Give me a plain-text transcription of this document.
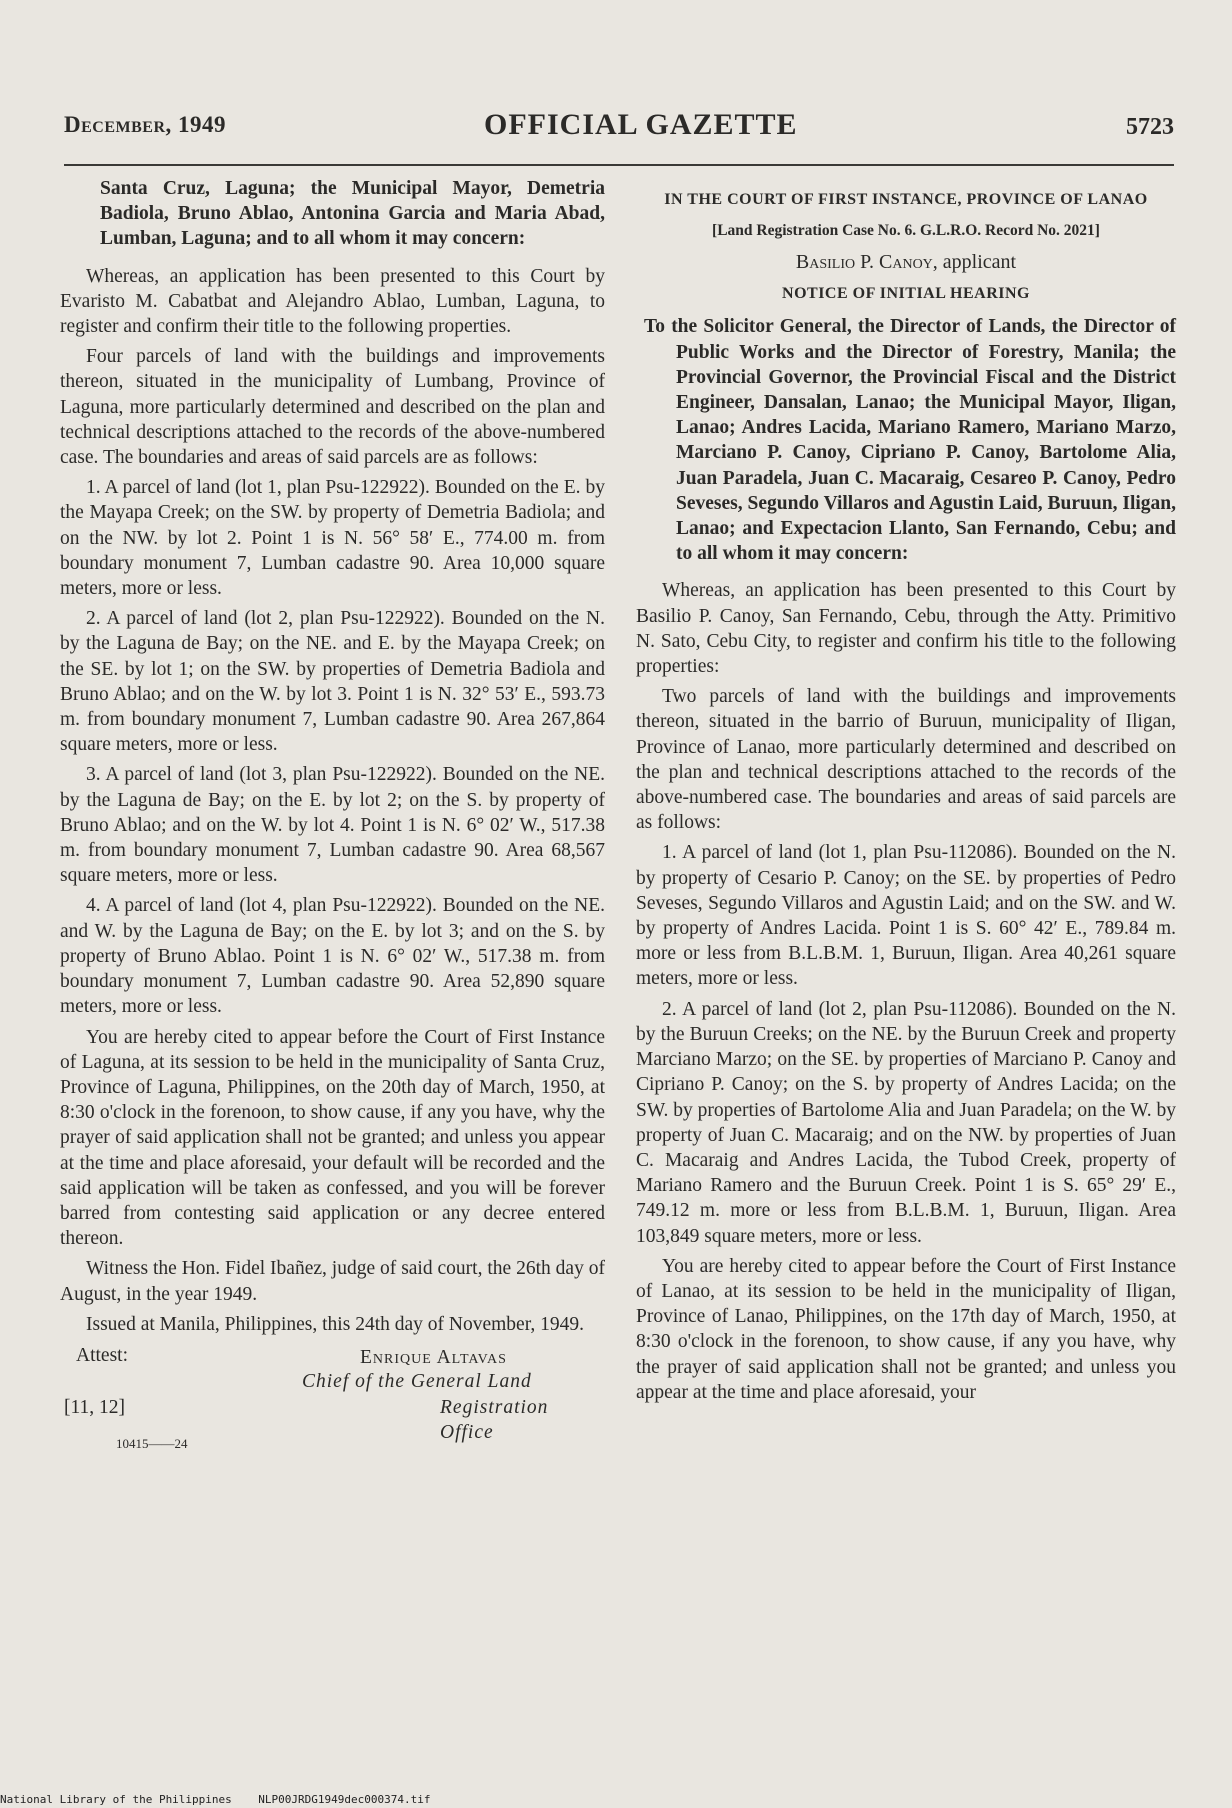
December, 1949	OFFICIAL GAZETTE	5723

Santa Cruz, Laguna; the Municipal Mayor, Demetria Badiola, Bruno Ablao, Antonina Garcia and Maria Abad, Lumban, Laguna; and to all whom it may concern:

Whereas, an application has been presented to this Court by Evaristo M. Cabatbat and Alejandro Ablao, Lumban, Laguna, to register and confirm their title to the following properties.

Four parcels of land with the buildings and improvements thereon, situated in the municipality of Lumbang, Province of Laguna, more particularly determined and described on the plan and technical descriptions attached to the records of the above-numbered case. The boundaries and areas of said parcels are as follows:

1. A parcel of land (lot 1, plan Psu-122922). Bounded on the E. by the Mayapa Creek; on the SW. by property of Demetria Badiola; and on the NW. by lot 2. Point 1 is N. 56° 58′ E., 774.00 m. from boundary monument 7, Lumban cadastre 90. Area 10,000 square meters, more or less.

2. A parcel of land (lot 2, plan Psu-122922). Bounded on the N. by the Laguna de Bay; on the NE. and E. by the Mayapa Creek; on the SE. by lot 1; on the SW. by properties of Demetria Badiola and Bruno Ablao; and on the W. by lot 3. Point 1 is N. 32° 53′ E., 593.73 m. from boundary monument 7, Lumban cadastre 90. Area 267,864 square meters, more or less.

3. A parcel of land (lot 3, plan Psu-122922). Bounded on the NE. by the Laguna de Bay; on the E. by lot 2; on the S. by property of Bruno Ablao; and on the W. by lot 4. Point 1 is N. 6° 02′ W., 517.38 m. from boundary monument 7, Lumban cadastre 90. Area 68,567 square meters, more or less.

4. A parcel of land (lot 4, plan Psu-122922). Bounded on the NE. and W. by the Laguna de Bay; on the E. by lot 3; and on the S. by property of Bruno Ablao. Point 1 is N. 6° 02′ W., 517.38 m. from boundary monument 7, Lumban cadastre 90. Area 52,890 square meters, more or less.

You are hereby cited to appear before the Court of First Instance of Laguna, at its session to be held in the municipality of Santa Cruz, Province of Laguna, Philippines, on the 20th day of March, 1950, at 8:30 o'clock in the forenoon, to show cause, if any you have, why the prayer of said application shall not be granted; and unless you appear at the time and place aforesaid, your default will be recorded and the said application will be taken as confessed, and you will be forever barred from contesting said application or any decree entered thereon.

Witness the Hon. Fidel Ibañez, judge of said court, the 26th day of August, in the year 1949.

Issued at Manila, Philippines, this 24th day of November, 1949.

Attest:	Enrique Altavas
Chief of the General Land
[11, 12]	Registration Office
10415——24

IN THE COURT OF FIRST INSTANCE, PROVINCE OF LANAO

[Land Registration Case No. 6. G.L.R.O. Record No. 2021]

Basilio P. Canoy, applicant

NOTICE OF INITIAL HEARING

To the Solicitor General, the Director of Lands, the Director of Public Works and the Director of Forestry, Manila; the Provincial Governor, the Provincial Fiscal and the District Engineer, Dansalan, Lanao; the Municipal Mayor, Iligan, Lanao; Andres Lacida, Mariano Ramero, Mariano Marzo, Marciano P. Canoy, Cipriano P. Canoy, Bartolome Alia, Juan Paradela, Juan C. Macaraig, Cesareo P. Canoy, Pedro Seveses, Segundo Villaros and Agustin Laid, Buruun, Iligan, Lanao; and Expectacion Llanto, San Fernando, Cebu; and to all whom it may concern:

Whereas, an application has been presented to this Court by Basilio P. Canoy, San Fernando, Cebu, through the Atty. Primitivo N. Sato, Cebu City, to register and confirm his title to the following properties:

Two parcels of land with the buildings and improvements thereon, situated in the barrio of Buruun, municipality of Iligan, Province of Lanao, more particularly determined and described on the plan and technical descriptions attached to the records of the above-numbered case. The boundaries and areas of said parcels are as follows:

1. A parcel of land (lot 1, plan Psu-112086). Bounded on the N. by property of Cesario P. Canoy; on the SE. by properties of Pedro Seveses, Segundo Villaros and Agustin Laid; and on the SW. and W. by property of Andres Lacida. Point 1 is S. 60° 42′ E., 789.84 m. more or less from B.L.B.M. 1, Buruun, Iligan. Area 40,261 square meters, more or less.

2. A parcel of land (lot 2, plan Psu-112086). Bounded on the N. by the Buruun Creeks; on the NE. by the Buruun Creek and property Marciano Marzo; on the SE. by properties of Marciano P. Canoy and Cipriano P. Canoy; on the S. by property of Andres Lacida; on the SW. by properties of Bartolome Alia and Juan Paradela; on the W. by property of Juan C. Macaraig; and on the NW. by properties of Juan C. Macaraig and Andres Lacida, the Tubod Creek, property of Mariano Ramero and the Buruun Creek. Point 1 is S. 65° 29′ E., 749.12 m. more or less from B.L.B.M. 1, Buruun, Iligan. Area 103,849 square meters, more or less.

You are hereby cited to appear before the Court of First Instance of Lanao, at its session to be held in the municipality of Iligan, Province of Lanao, Philippines, on the 17th day of March, 1950, at 8:30 o'clock in the forenoon, to show cause, if any you have, why the prayer of said application shall not be granted; and unless you appear at the time and place aforesaid, your

National Library of the Philippines NLP00JRDG1949dec000374.tif
